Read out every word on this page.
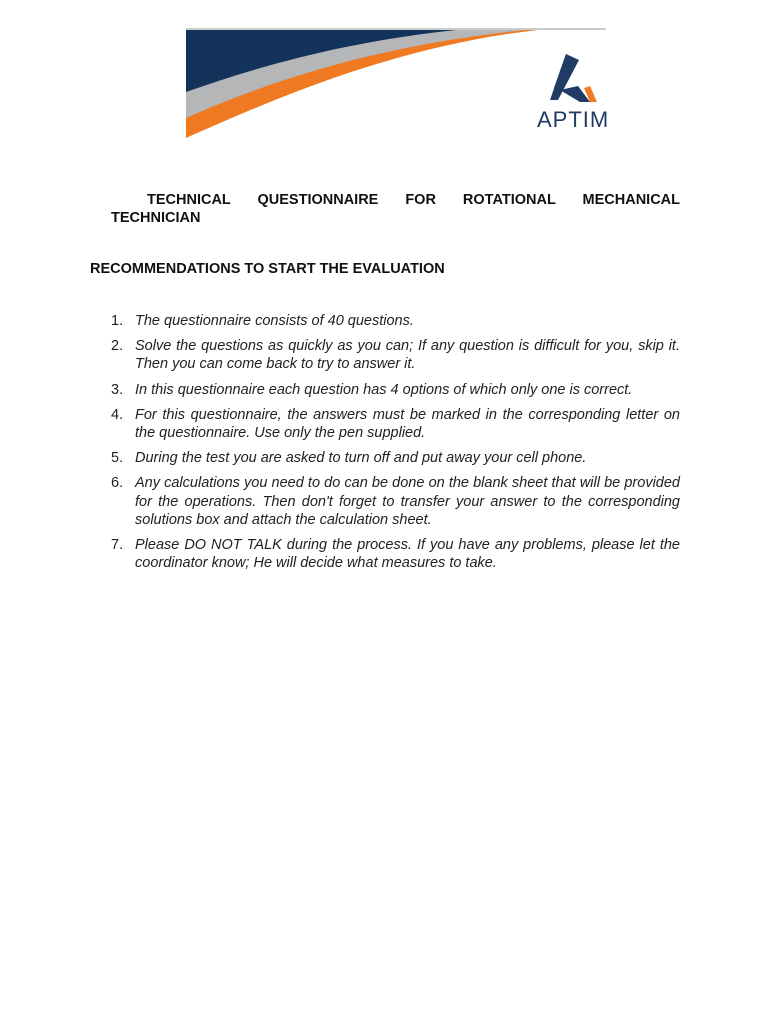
APTIM
TECHNICAL QUESTIONNAIRE FOR ROTATIONAL MECHANICAL TECHNICIAN
RECOMMENDATIONS TO START THE EVALUATION
1. The questionnaire consists of 40 questions.
2. Solve the questions as quickly as you can; If any question is difficult for you, skip it. Then you can come back to try to answer it.
3. In this questionnaire each question has 4 options of which only one is correct.
4. For this questionnaire, the answers must be marked in the corresponding letter on the questionnaire. Use only the pen supplied.
5. During the test you are asked to turn off and put away your cell phone.
6. Any calculations you need to do can be done on the blank sheet that will be provided for the operations. Then don't forget to transfer your answer to the corresponding solutions box and attach the calculation sheet.
7. Please DO NOT TALK during the process. If you have any problems, please let the coordinator know; He will decide what measures to take.
